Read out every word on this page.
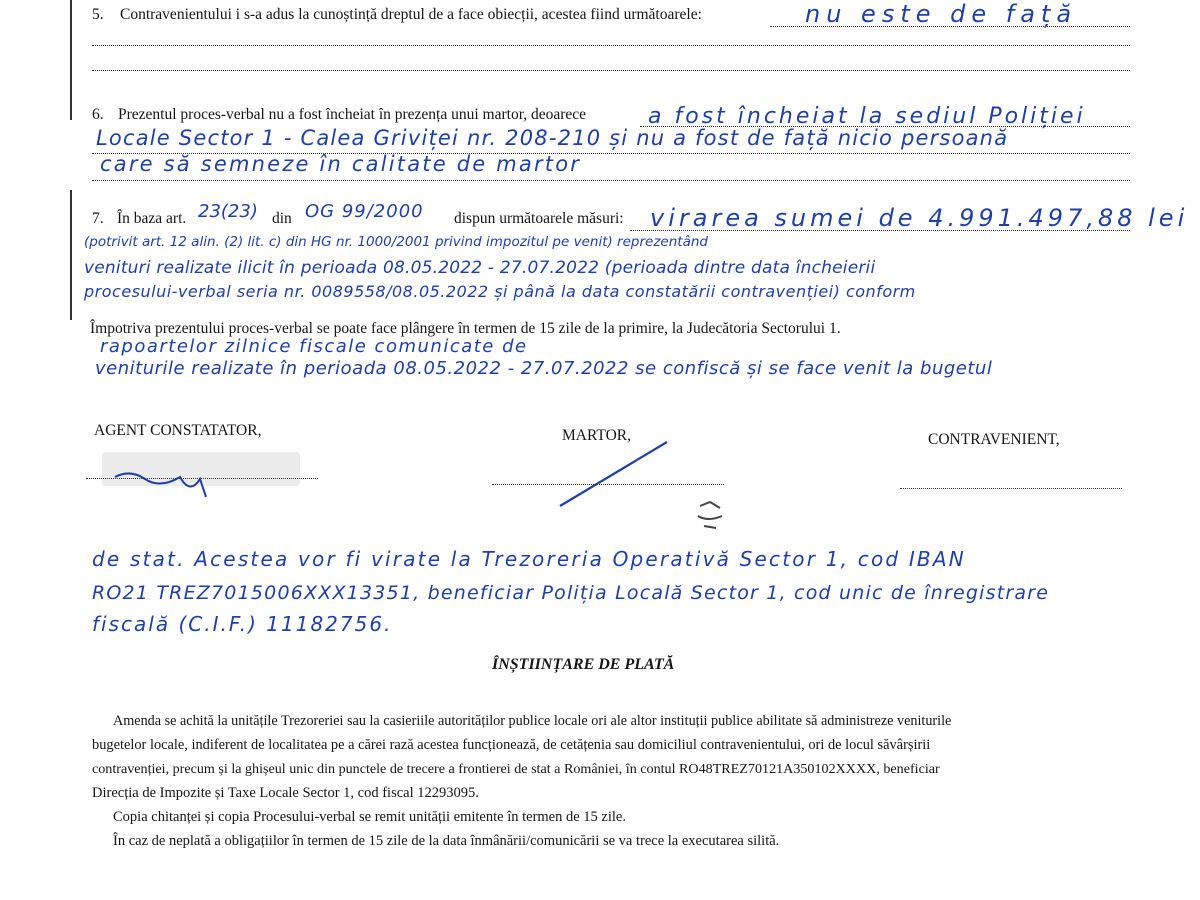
5. Contravenientului i s-a adus la cunoștință dreptul de a face obiecții, acestea fiind următoarele:	nu este de față
6. Prezentul proces-verbal nu a fost încheiat în prezența unui martor, deoarece	a fost încheiat la sediul Poliției
Locale Sector 1 - Calea Griviței nr. 208-210 și nu a fost de față nicio persoană
care să semneze în calitate de martor
7. În baza art. 23(23) din OG 99/2000 dispun următoarele măsuri: virarea sumei de 4.991.497,88 lei
(potrivit art. 12 alin. (2) lit. c) din HG nr. 1000/2001 privind impozitul pe venit) reprezentând
venituri realizate ilicit în perioada 08.05.2022 - 27.07.2022 (perioada dintre data încheierii
procesului-verbal seria nr. 0089558/08.05.2022 și până la data constatării contravenției) conform
Împotriva prezentului proces-verbal se poate face plângere în termen de 15 zile de la primire, la Judecătoria Sectorului 1.
rapoartelor zilnice fiscale comunicate de
veniturile realizate în perioada 08.05.2022 - 27.07.2022 se confiscă și se face venit la bugetul
AGENT CONSTATATOR,	MARTOR,	CONTRAVENIENT,
de stat. Acestea vor fi virate la Trezoreria Operativă Sector 1, cod IBAN
RO21 TREZ7015006XXX13351, beneficiar Poliția Locală Sector 1, cod unic de înregistrare
fiscală (C.I.F.) 11182756.
ÎNȘTIINȚARE DE PLATĂ
Amenda se achită la unitățile Trezoreriei sau la casieriile autorităților publice locale ori ale altor instituții publice abilitate să administreze veniturile
bugetelor locale, indiferent de localitatea pe a cărei rază acestea funcționează, de cetățenia sau domiciliul contravenientului, ori de locul săvârșirii
contravenției, precum și la ghișeul unic din punctele de trecere a frontierei de stat a României, în contul RO48TREZ70121A350102XXXX, beneficiar
Direcția de Impozite și Taxe Locale Sector 1, cod fiscal 12293095.
Copia chitanței și copia Procesului-verbal se remit unității emitente în termen de 15 zile.
În caz de neplată a obligațiilor în termen de 15 zile de la data înmânării/comunicării se va trece la executarea silită.
